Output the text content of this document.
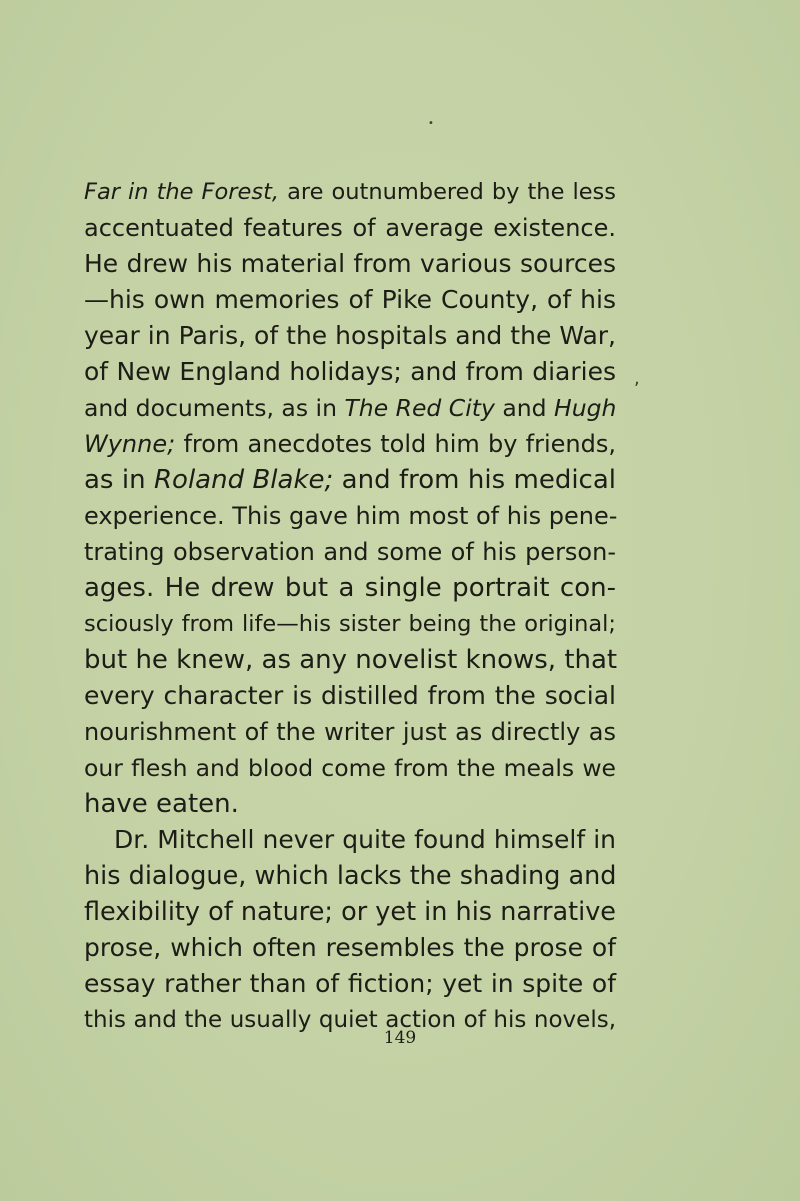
•
,
Far in the Forest, are outnumbered by the less
accentuated features of average existence.
He drew his material from various sources
—his own memories of Pike County, of his
year in Paris, of the hospitals and the War,
of New England holidays; and from diaries
and documents, as in The Red City and Hugh
Wynne; from anecdotes told him by friends,
as in Roland Blake; and from his medical
experience. This gave him most of his pene-
trating observation and some of his person-
ages. He drew but a single portrait con-
sciously from life—his sister being the original;
but he knew, as any novelist knows, that
every character is distilled from the social
nourishment of the writer just as directly as
our flesh and blood come from the meals we
have eaten.
Dr. Mitchell never quite found himself in
his dialogue, which lacks the shading and
flexibility of nature; or yet in his narrative
prose, which often resembles the prose of
essay rather than of fiction; yet in spite of
this and the usually quiet action of his novels,
149
